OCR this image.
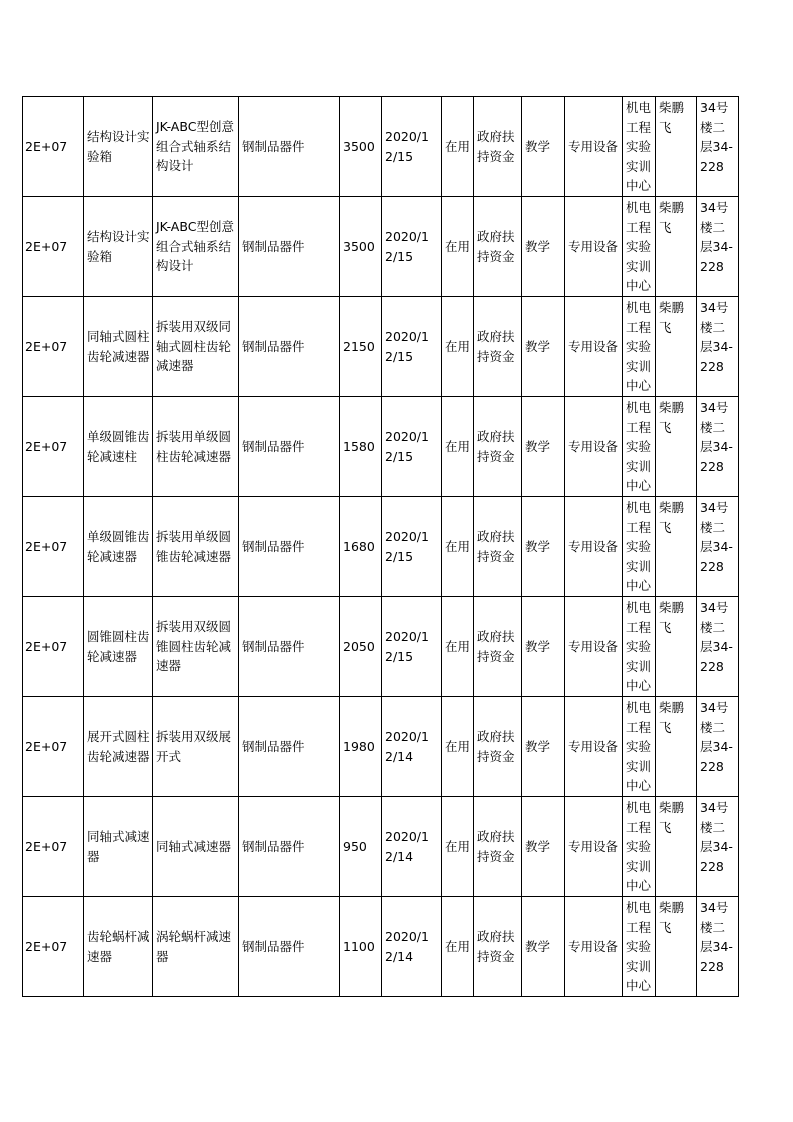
2E+07	结构设计实验箱	JK-ABC型创意组合式轴系结构设计	钢制品器件	3500	2020/12/15	在用	政府扶持资金	教学	专用设备	机电工程实验实训中心	柴鹏飞	34号楼二层34-228
2E+07	结构设计实验箱	JK-ABC型创意组合式轴系结构设计	钢制品器件	3500	2020/12/15	在用	政府扶持资金	教学	专用设备	机电工程实验实训中心	柴鹏飞	34号楼二层34-228
2E+07	同轴式圆柱齿轮减速器	拆装用双级同轴式圆柱齿轮减速器	钢制品器件	2150	2020/12/15	在用	政府扶持资金	教学	专用设备	机电工程实验实训中心	柴鹏飞	34号楼二层34-228
2E+07	单级圆锥齿轮减速柱	拆装用单级圆柱齿轮减速器	钢制品器件	1580	2020/12/15	在用	政府扶持资金	教学	专用设备	机电工程实验实训中心	柴鹏飞	34号楼二层34-228
2E+07	单级圆锥齿轮减速器	拆装用单级圆锥齿轮减速器	钢制品器件	1680	2020/12/15	在用	政府扶持资金	教学	专用设备	机电工程实验实训中心	柴鹏飞	34号楼二层34-228
2E+07	圆锥圆柱齿轮减速器	拆装用双级圆锥圆柱齿轮减速器	钢制品器件	2050	2020/12/15	在用	政府扶持资金	教学	专用设备	机电工程实验实训中心	柴鹏飞	34号楼二层34-228
2E+07	展开式圆柱齿轮减速器	拆装用双级展开式	钢制品器件	1980	2020/12/14	在用	政府扶持资金	教学	专用设备	机电工程实验实训中心	柴鹏飞	34号楼二层34-228
2E+07	同轴式减速器	同轴式减速器	钢制品器件	950	2020/12/14	在用	政府扶持资金	教学	专用设备	机电工程实验实训中心	柴鹏飞	34号楼二层34-228
2E+07	齿轮蜗杆减速器	涡轮蜗杆减速器	钢制品器件	1100	2020/12/14	在用	政府扶持资金	教学	专用设备	机电工程实验实训中心	柴鹏飞	34号楼二层34-228
